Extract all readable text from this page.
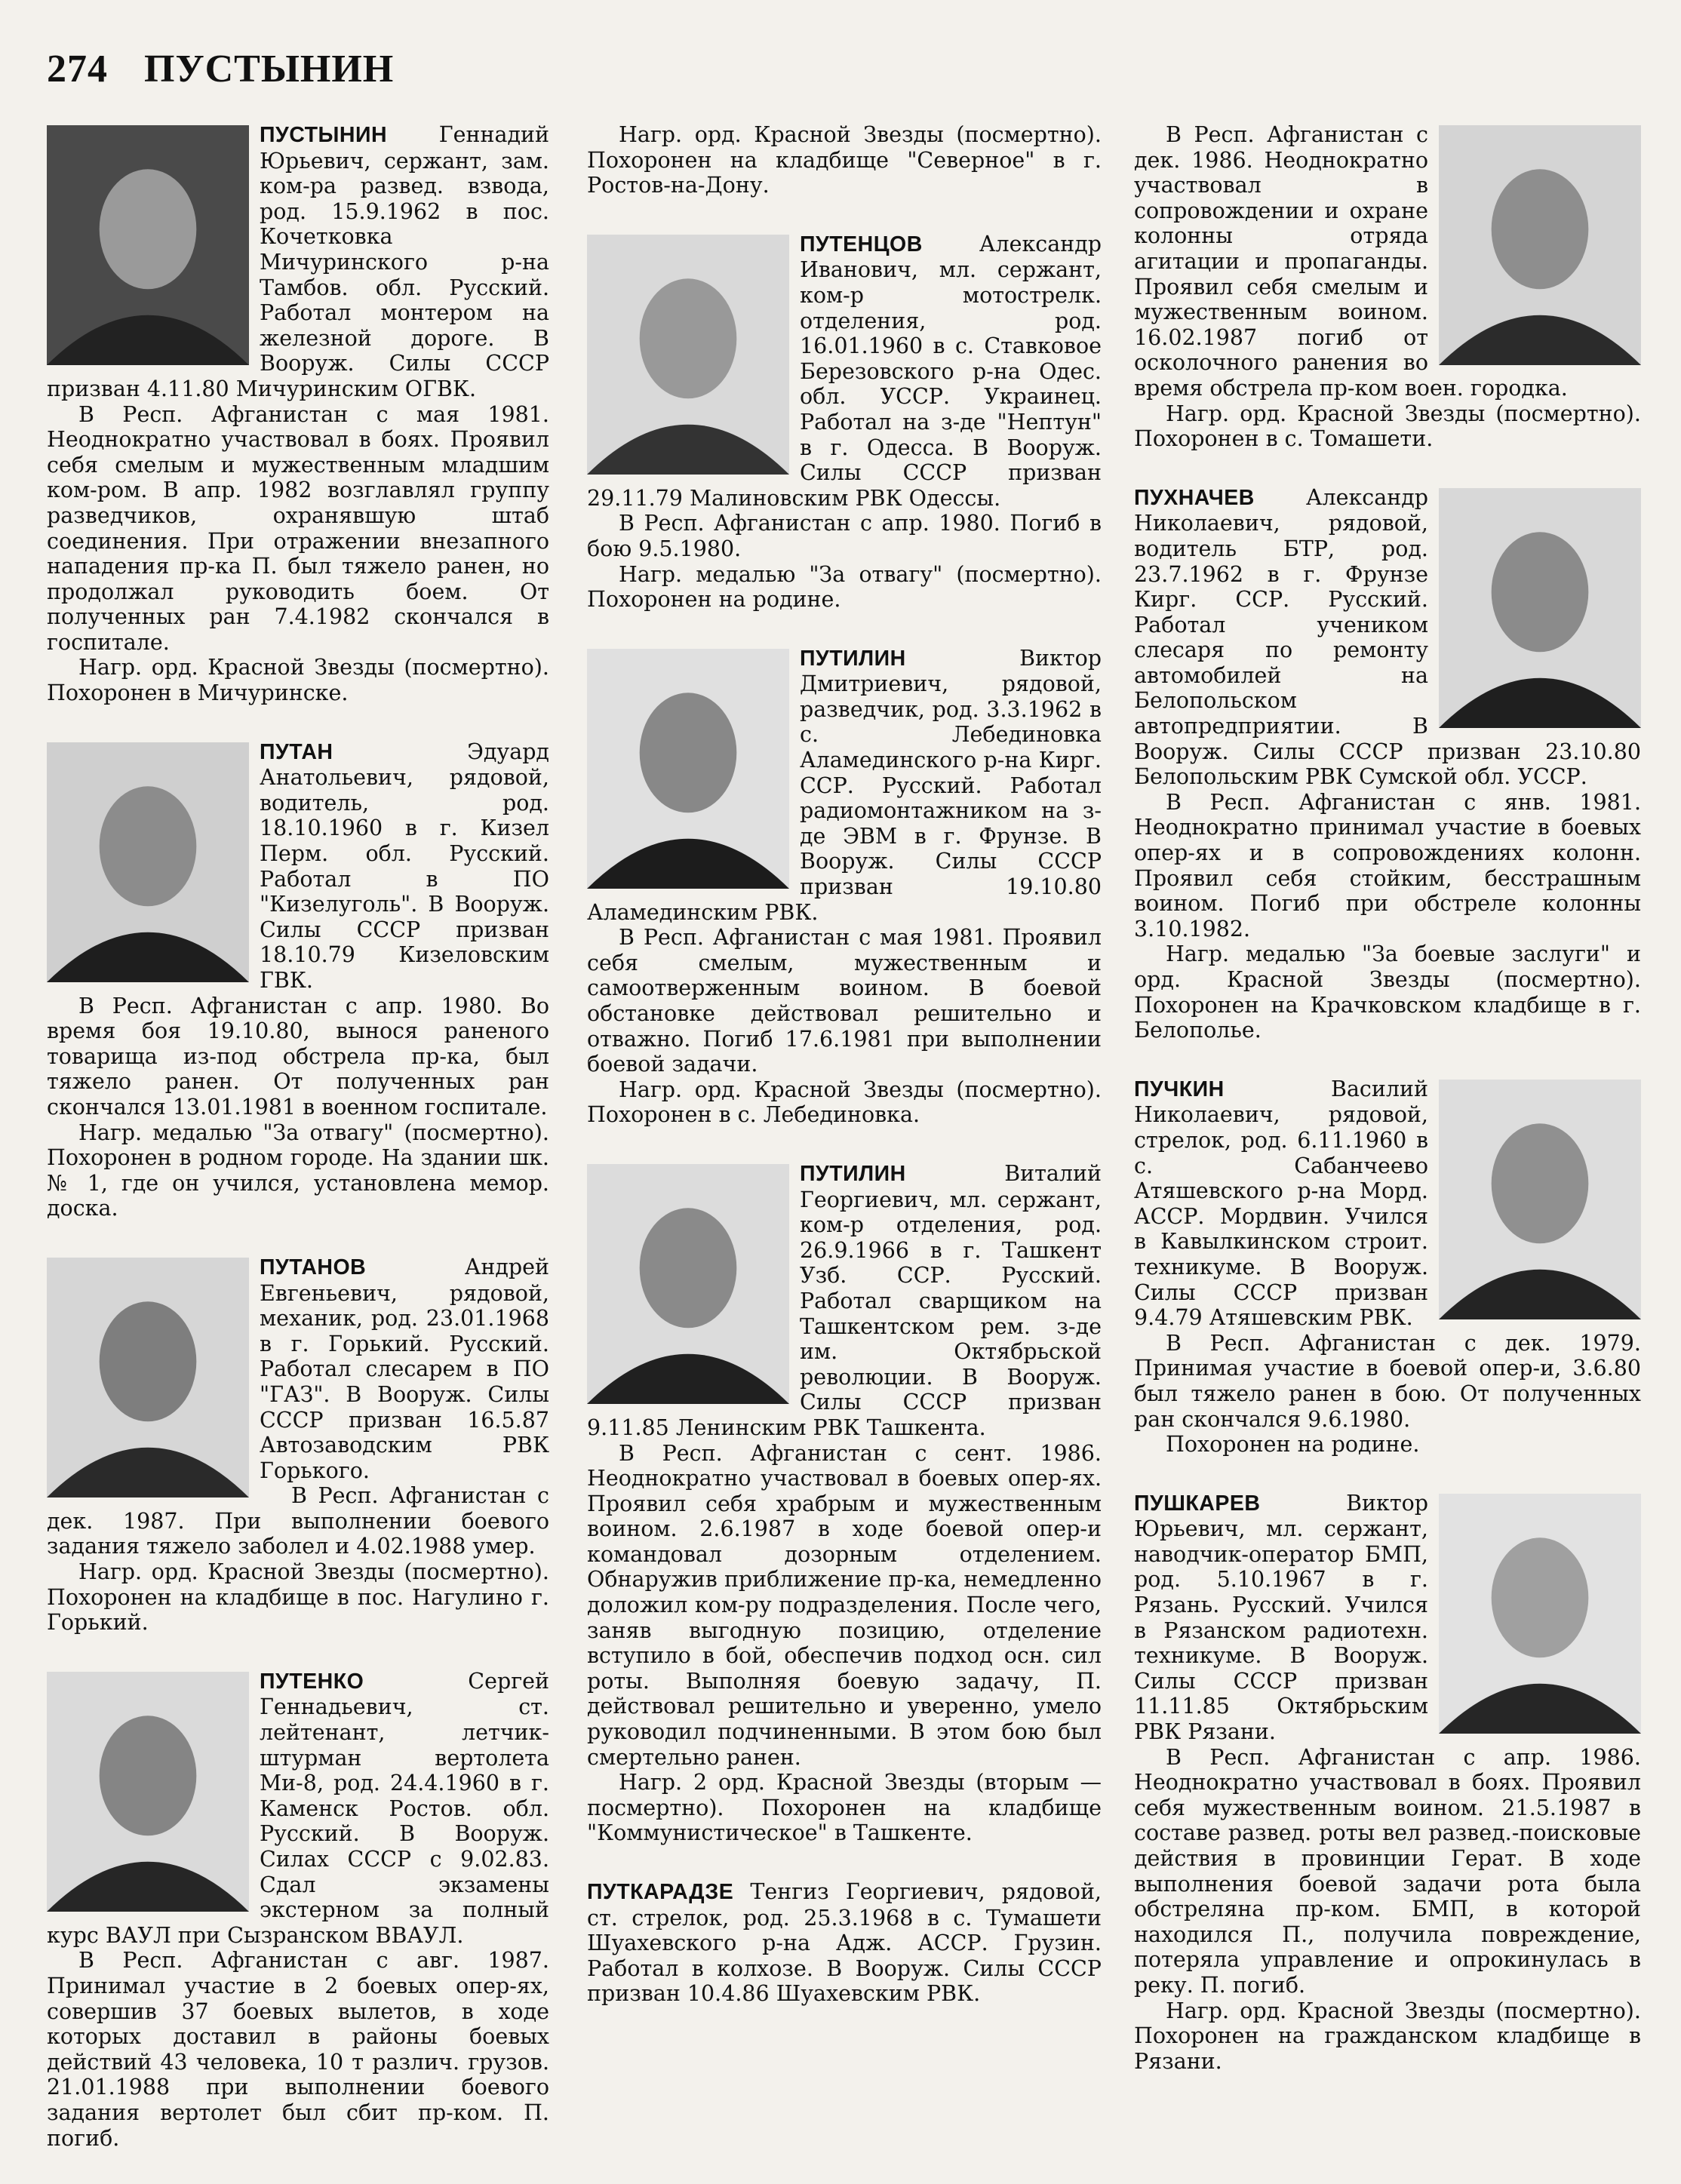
274 ПУСТЫНИН

ПУСТЫНИН Геннадий Юрьевич, сержант, зам. ком-ра развед. взвода, род. 15.9.1962 в пос. Кочетковка Мичуринского р-на Тамбов. обл. Русский. Работал монтером на железной дороге. В Вооруж. Силы СССР призван 4.11.80 Мичуринским ОГВК.

В Респ. Афганистан с мая 1981. Неоднократно участвовал в боях. Проявил себя смелым и мужественным младшим ком-ром. В апр. 1982 возглавлял группу разведчиков, охранявшую штаб соединения. При отражении внезапного нападения пр-ка П. был тяжело ранен, но продолжал руководить боем. От полученных ран 7.4.1982 скончался в госпитале.

Нагр. орд. Красной Звезды (посмертно). Похоронен в Мичуринске.

ПУТАН	Эдуард Анатольевич, рядовой, водитель, род. 18.10.1960 в г. Кизел Перм. обл. Русский. Работал в ПО "Кизелуголь". В Вооруж. Силы СССР призван 18.10.79 Кизеловским ГВК.

В Респ. Афганистан с апр. 1980. Во время боя 19.10.80, вынося раненого товарища из-под обстрела пр-ка, был тяжело ранен. От полученных ран скончался 13.01.1981 в военном госпитале.

Нагр. медалью "За отвагу" (посмертно). Похоронен в родном городе. На здании шк. № 1, где он учился, установлена мемор. доска.

ПУТАНОВ	Андрей Евгеньевич, рядовой, механик, род. 23.01.1968 в г. Горький. Русский. Работал слесарем в ПО "ГАЗ". В Вооруж. Силы СССР призван 16.5.87 Автозаводским РВК Горького.

В Респ. Афганистан с дек. 1987. При выполнении боевого задания тяжело заболел и 4.02.1988 умер.

Нагр. орд. Красной Звезды (посмертно). Похоронен на кладбище в пос. Нагулино г. Горький.

ПУТЕНКО	Сергей Геннадьевич, ст. лейтенант, летчик-штурман вертолета Ми-8, род. 24.4.1960 в г. Каменск Ростов. обл. Русский. В Вооруж. Силах СССР с 9.02.83. Сдал экзамены экстерном за полный курс ВАУЛ при Сызранском ВВАУЛ.

В Респ. Афганистан с авг. 1987. Принимал участие в 2 боевых опер-ях, совершив 37 боевых вылетов, в ходе которых доставил в районы боевых действий 43 человека, 10 т различ. грузов. 21.01.1988 при выполнении боевого задания вертолет был сбит пр-ком. П. погиб.

Нагр. орд. Красной Звезды (посмертно). Похоронен на кладбище "Северное" в г. Ростов-на-Дону.

ПУТЕНЦОВ	Александр Иванович, мл. сержант, ком-р мотострелк. отделения, род. 16.01.1960 в с. Ставковое Березовского р-на Одес. обл. УССР. Украинец. Работал на з-де "Нептун" в г. Одесса. В Вооруж. Силы СССР призван 29.11.79 Малиновским РВК Одессы.

В Респ. Афганистан с апр. 1980. Погиб в бою 9.5.1980.

Нагр. медалью "За отвагу" (посмертно). Похоронен на родине.

ПУТИЛИН	Виктор Дмитриевич, рядовой, разведчик, род. 3.3.1962 в с. Лебединовка Аламединского р-на Кирг. ССР. Русский. Работал радиомонтажником на з-де ЭВМ в г. Фрунзе. В Вооруж. Силы СССР призван 19.10.80 Аламединским РВК.

В Респ. Афганистан с мая 1981. Проявил себя смелым, мужественным и самоотверженным воином. В боевой обстановке действовал решительно и отважно. Погиб 17.6.1981 при выполнении боевой задачи.

Нагр. орд. Красной Звезды (посмертно). Похоронен в с. Лебединовка.

ПУТИЛИН	Виталий Георгиевич, мл. сержант, ком-р отделения, род. 26.9.1966 в г. Ташкент Узб. ССР. Русский. Работал сварщиком на Ташкентском рем. з-де им. Октябрьской революции. В Вооруж. Силы СССР призван 9.11.85 Ленинским РВК Ташкента.

В Респ. Афганистан с сент. 1986. Неоднократно участвовал в боевых опер-ях. Проявил себя храбрым и мужественным воином. 2.6.1987 в ходе боевой опер-и командовал дозорным отделением. Обнаружив приближение пр-ка, немедленно доложил ком-ру подразделения. После чего, заняв выгодную позицию, отделение вступило в бой, обеспечив подход осн. сил роты. Выполняя боевую задачу, П. действовал решительно и уверенно, умело руководил подчиненными. В этом бою был смертельно ранен.

Нагр. 2 орд. Красной Звезды (вторым — посмертно). Похоронен на кладбище "Коммунистическое" в Ташкенте.

ПУТКАРАДЗЕ Тенгиз Георгиевич, рядовой, ст. стрелок, род. 25.3.1968 в с. Тумашети Шуахевского р-на Адж. АССР. Грузин. Работал в колхозе. В Вооруж. Силы СССР призван 10.4.86 Шуахевским РВК.

В Респ. Афганистан с дек. 1986. Неоднократно участвовал в сопровождении и охране колонны отряда агитации и пропаганды. Проявил себя смелым и мужественным воином. 16.02.1987 погиб от осколочного ранения во время обстрела пр-ком воен. городка.

Нагр. орд. Красной Звезды (посмертно). Похоронен в с. Томашети.

ПУХНАЧЕВ Александр Николаевич, рядовой, водитель БТР, род. 23.7.1962 в г. Фрунзе Кирг. ССР. Русский. Работал учеником слесаря по ремонту автомобилей на Белопольском автопредприятии. В Вооруж. Силы СССР призван 23.10.80 Белопольским РВК Сумской обл. УССР.

В Респ. Афганистан с янв. 1981. Неоднократно принимал участие в боевых опер-ях и в сопровождениях колонн. Проявил себя стойким, бесстрашным воином. Погиб при обстреле колонны 3.10.1982.

Нагр. медалью "За боевые заслуги" и орд. Красной Звезды (посмертно). Похоронен на Крачковском кладбище в г. Белополье.

ПУЧКИН	Василий Николаевич, рядовой, стрелок, род. 6.11.1960 в с. Сабанчеево Атяшевского р-на Морд. АССР. Мордвин. Учился в Кавылкинском строит. техникуме. В Вооруж. Силы СССР призван 9.4.79 Атяшевским РВК.

В Респ. Афганистан с дек. 1979. Принимая участие в боевой опер-и, 3.6.80 был тяжело ранен в бою. От полученных ран скончался 9.6.1980.

Похоронен на родине.

ПУШКАРЕВ	Виктор Юрьевич, мл. сержант, наводчик-оператор БМП, род. 5.10.1967 в г. Рязань. Русский. Учился в Рязанском радиотехн. техникуме. В Вооруж. Силы СССР призван 11.11.85 Октябрьским РВК Рязани.

В Респ. Афганистан с апр. 1986. Неоднократно участвовал в боях. Проявил себя мужественным воином. 21.5.1987 в составе развед. роты вел развед.-поисковые действия в провинции Герат. В ходе выполнения боевой задачи рота была обстреляна пр-ком. БМП, в которой находился П., получила повреждение, потеряла управление и опрокинулась в реку. П. погиб.

Нагр. орд. Красной Звезды (посмертно). Похоронен на гражданском кладбище в Рязани.
